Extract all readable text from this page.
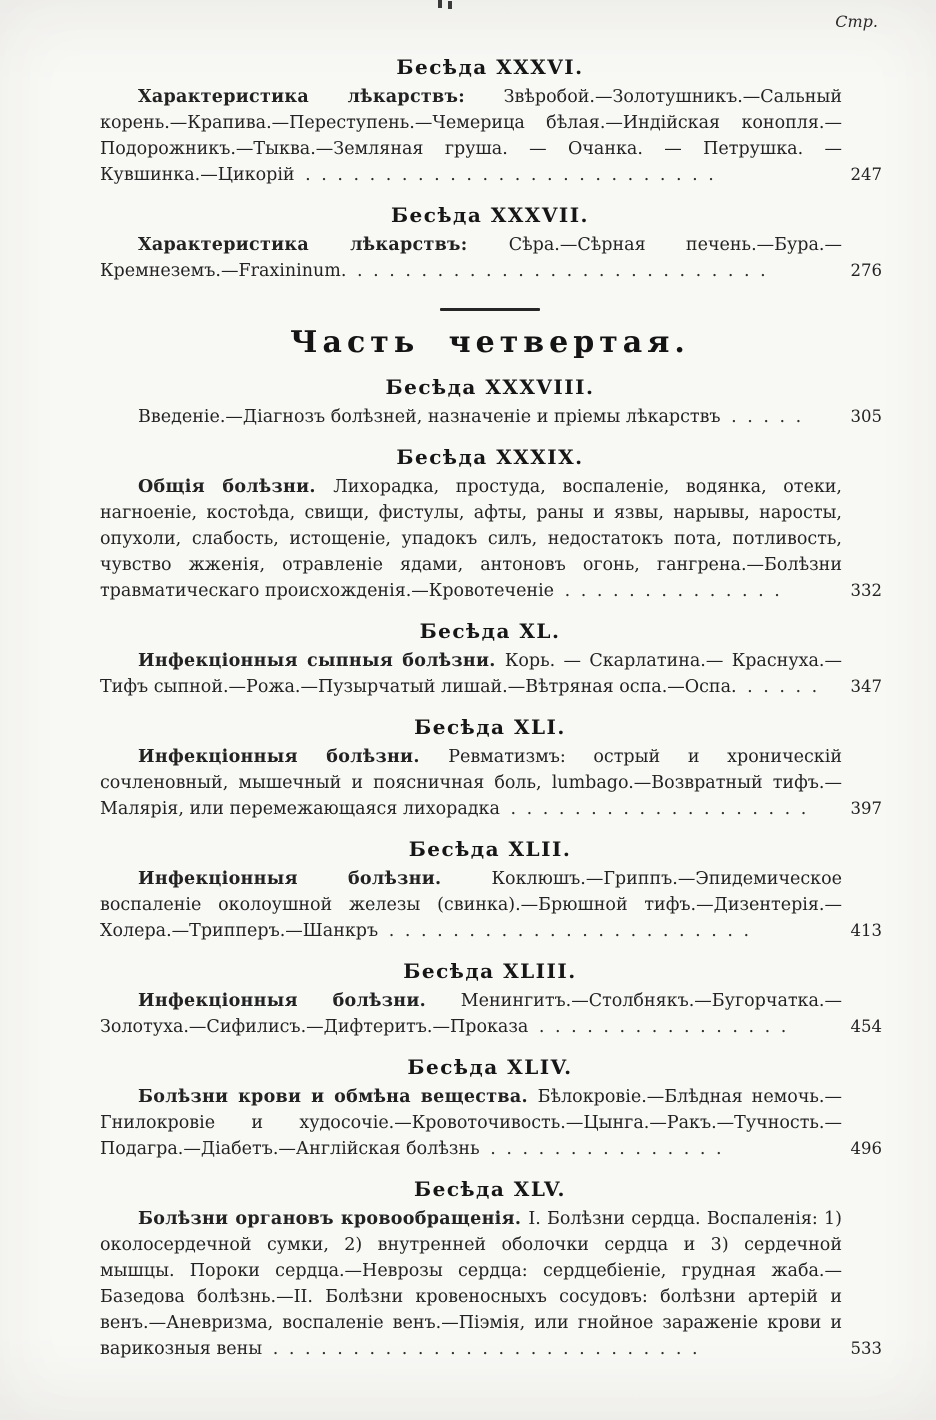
Стр.
Бесѣда XXXVI.

Характеристика лѣкарствъ: Звѣробой.—Золотушникъ.—Сальный корень.—Крапива.—Переступень.—Чемерица бѣлая.—Индійская конопля.—Подорожникъ.—Тыква.—Земляная груша. — Очанка. — Петрушка. — Кувшинка.—Цикорій . . . . . . . . . . . . . . . . . . . . . . . . . .	247

Бесѣда XXXVII.

Характеристика лѣкарствъ: Сѣра.—Сѣрная печень.—Бура.—Кремнеземъ.—Fraxininum. . . . . . . . . . . . . . . . . . . . . . . . . . .	276

Часть четвертая.
Бесѣда XXXVIII.

Введеніе.—Діагнозъ болѣзней, назначеніе и пріемы лѣкарствъ . . . . .	305

Бесѣда XXXIX.

Общія болѣзни. Лихорадка, простуда, воспаленіе, водянка, отеки, нагноеніе, костоѣда, свищи, фистулы, афты, раны и язвы, нарывы, наросты, опухоли, слабость, истощеніе, упадокъ силъ, недостатокъ пота, потливость, чувство жженія, отравленіе ядами, антоновъ огонь, гангрена.—Болѣзни травматическаго происхожденія.—Кровотеченіе . . . . . . . . . . . . . .	332

Бесѣда XL.

Инфекціонныя сыпныя болѣзни. Корь. — Скарлатина.— Краснуха.—Тифъ сыпной.—Рожа.—Пузырчатый лишай.—Вѣтряная оспа.—Оспа. . . . . . 347

Бесѣда XLI.

Инфекціонныя болѣзни. Ревматизмъ: острый и хроническій сочленовный, мышечный и поясничная боль, lumbago.—Возвратный тифъ.—Малярія, или перемежающаяся лихорадка . . . . . . . . . . . . . . . . . . .	397

Бесѣда XLII.

Инфекціонныя болѣзни. Коклюшъ.—Гриппъ.—Эпидемическое воспаленіе околоушной железы (свинка).—Брюшной тифъ.—Дизентерія.—Холера.—Трипперъ.—Шанкръ . . . . . . . . . . . . . . . . . . . . . . .	413

Бесѣда XLIII.

Инфекціонныя болѣзни. Менингитъ.—Столбнякъ.—Бугорчатка.—Золотуха.—Сифилисъ.—Дифтеритъ.—Проказа . . . . . . . . . . . . . . . .	454

Бесѣда XLIV.

Болѣзни крови и обмѣна вещества. Бѣлокровіе.—Блѣдная немочь.—Гнилокровіе и худосочіе.—Кровоточивость.—Цынга.—Ракъ.—Тучность.—Подагра.—Діабетъ.—Англійская болѣзнь . . . . . . . . . . . . . . .	496

Бесѣда XLV.

Болѣзни органовъ кровообращенія. I. Болѣзни сердца. Воспаленія: 1) околосердечной сумки, 2) внутренней оболочки сердца и 3) сердечной мышцы. Пороки сердца.—Неврозы сердца: сердцебіеніе, грудная жаба.—Базедова болѣзнь.—II. Болѣзни кровеносныхъ сосудовъ: болѣзни артерій и венъ.—Аневризма, воспаленіе венъ.—Піэмія, или гнойное зараженіе крови и варикозныя вены . . . . . . . . . . . . . . . . . . . . . . . . . . .	533
